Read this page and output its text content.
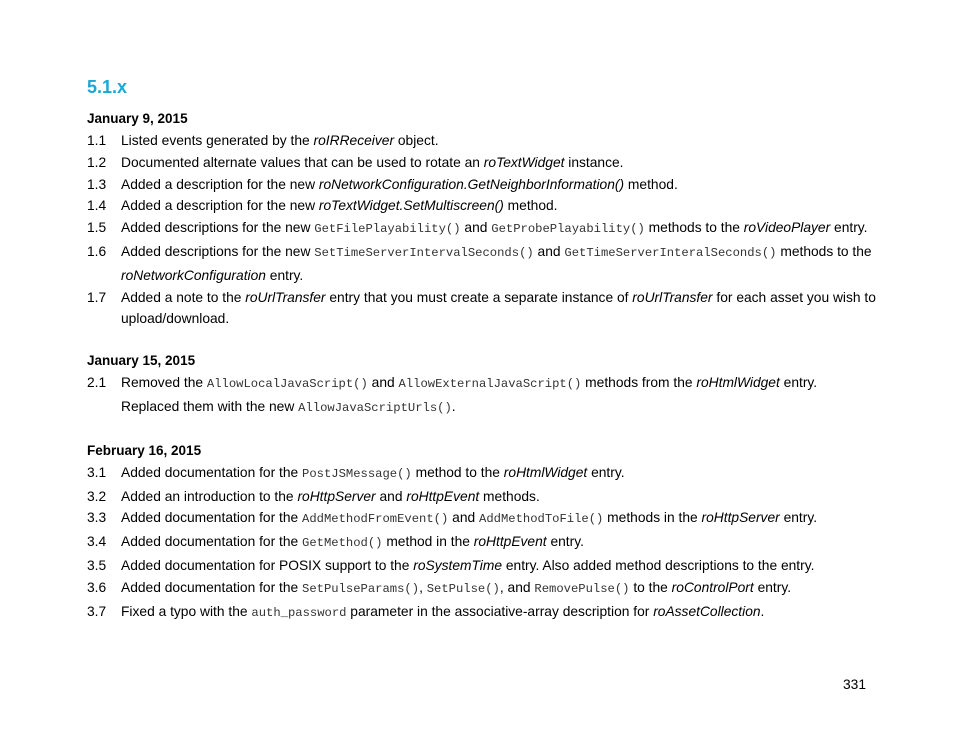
5.1.x

January 9, 2015

1.1	Listed events generated by the roIRReceiver object.
1.2	Documented alternate values that can be used to rotate an roTextWidget instance.
1.3	Added a description for the new roNetworkConfiguration.GetNeighborInformation() method.
1.4	Added a description for the new roTextWidget.SetMultiscreen() method.
1.5	Added descriptions for the new GetFilePlayability() and GetProbePlayability() methods to the roVideoPlayer entry.
1.6	Added descriptions for the new SetTimeServerIntervalSeconds() and GetTimeServerInteralSeconds() methods to the roNetworkConfiguration entry.
1.7	Added a note to the roUrlTransfer entry that you must create a separate instance of roUrlTransfer for each asset you wish to upload/download.

January 15, 2015

2.1	Removed the AllowLocalJavaScript() and AllowExternalJavaScript() methods from the roHtmlWidget entry. Replaced them with the new AllowJavaScriptUrls().

February 16, 2015

3.1	Added documentation for the PostJSMessage() method to the roHtmlWidget entry.
3.2	Added an introduction to the roHttpServer and roHttpEvent methods.
3.3	Added documentation for the AddMethodFromEvent() and AddMethodToFile() methods in the roHttpServer entry.
3.4	Added documentation for the GetMethod() method in the roHttpEvent entry.
3.5	Added documentation for POSIX support to the roSystemTime entry. Also added method descriptions to the entry.
3.6	Added documentation for the SetPulseParams(), SetPulse(), and RemovePulse() to the roControlPort entry.
3.7	Fixed a typo with the auth_password parameter in the associative-array description for roAssetCollection.
331
